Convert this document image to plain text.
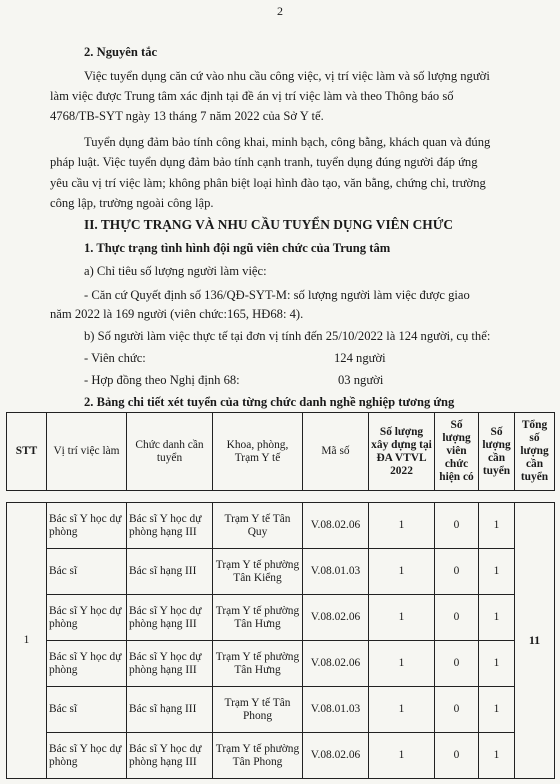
2
2. Nguyên tắc
Việc tuyển dụng căn cứ vào nhu cầu công việc, vị trí việc làm và số lượng người
làm việc được Trung tâm xác định tại đề án vị trí việc làm và theo Thông báo số
4768/TB-SYT ngày 13 tháng 7 năm 2022 của Sở Y tế.
Tuyển dụng đảm bảo tính công khai, minh bạch, công bằng, khách quan và đúng
pháp luật. Việc tuyển dụng đảm bảo tính cạnh tranh, tuyển dụng đúng người đáp ứng
yêu cầu vị trí việc làm; không phân biệt loại hình đào tạo, văn bằng, chứng chỉ, trường
công lập, trường ngoài công lập.
II. THỰC TRẠNG VÀ NHU CẦU TUYỂN DỤNG VIÊN CHỨC
1. Thực trạng tình hình đội ngũ viên chức của Trung tâm
a) Chỉ tiêu số lượng người làm việc:
- Căn cứ Quyết định số 136/QĐ-SYT-M: số lượng người làm việc được giao
năm 2022 là 169 người (viên chức:165, HĐ68: 4).
b) Số người làm việc thực tế tại đơn vị tính đến 25/10/2022 là 124 người, cụ thể:
- Viên chức:	124 người
- Hợp đồng theo Nghị định 68:	03 người
2. Bảng chi tiết xét tuyển của từng chức danh nghề nghiệp tương ứng
STT	Vị trí việc làm	Chức danh cần tuyển	Khoa, phòng, Trạm Y tế	Mã số	Số lượng xây dựng tại ĐA VTVL 2022	Số lượng viên chức hiện có	Số lượng cần tuyển	Tổng số lượng cần tuyển

1	Bác sĩ Y học dự phòng	Bác sĩ Y học dự phòng hạng III	Trạm Y tế Tân Quy	V.08.02.06	1	0	1	11
	Bác sĩ	Bác sĩ hạng III	Trạm Y tế phường Tân Kiểng	V.08.01.03	1	0	1	
	Bác sĩ Y học dự phòng	Bác sĩ Y học dự phòng hạng III	Trạm Y tế phường Tân Hưng	V.08.02.06	1	0	1	
	Bác sĩ Y học dự phòng	Bác sĩ Y học dự phòng hạng III	Trạm Y tế phường Tân Hưng	V.08.02.06	1	0	1	
	Bác sĩ	Bác sĩ hạng III	Trạm Y tế Tân Phong	V.08.01.03	1	0	1	
	Bác sĩ Y học dự phòng	Bác sĩ Y học dự phòng hạng III	Trạm Y tế phường Tân Phong	V.08.02.06	1	0	1	
